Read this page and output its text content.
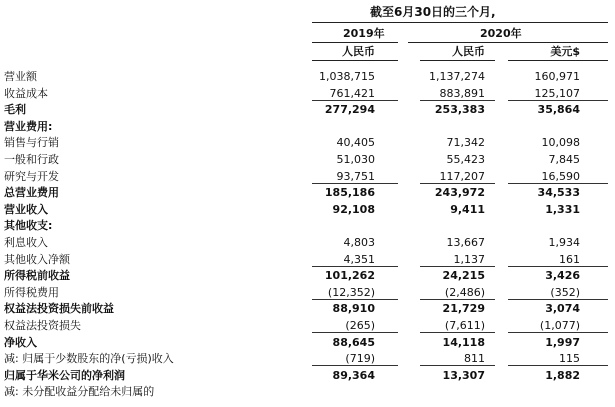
截至6月30日的三个月,
2019年	2020年
人民币	人民币	美元$
营业额	1,038,715	1,137,274	160,971
收益成本	761,421	883,891	125,107
毛利	277,294	253,383	35,864
营业费用:
销售与行销	40,405	71,342	10,098
一般和行政	51,030	55,423	7,845
研究与开发	93,751	117,207	16,590
总营业费用	185,186	243,972	34,533
营业收入	92,108	9,411	1,331
其他收支:
利息收入	4,803	13,667	1,934
其他收入净额	4,351	1,137	161
所得税前收益	101,262	24,215	3,426
所得税费用	(12,352)	(2,486)	(352)
权益法投资损失前收益	88,910	21,729	3,074
权益法投资损失	(265)	(7,611)	(1,077)
净收入	88,645	14,118	1,997
减: 归属于少数股东的净(亏损)收入	(719)	811	115
归属于华米公司的净利润	89,364	13,307	1,882
减: 未分配收益分配给未归属的
